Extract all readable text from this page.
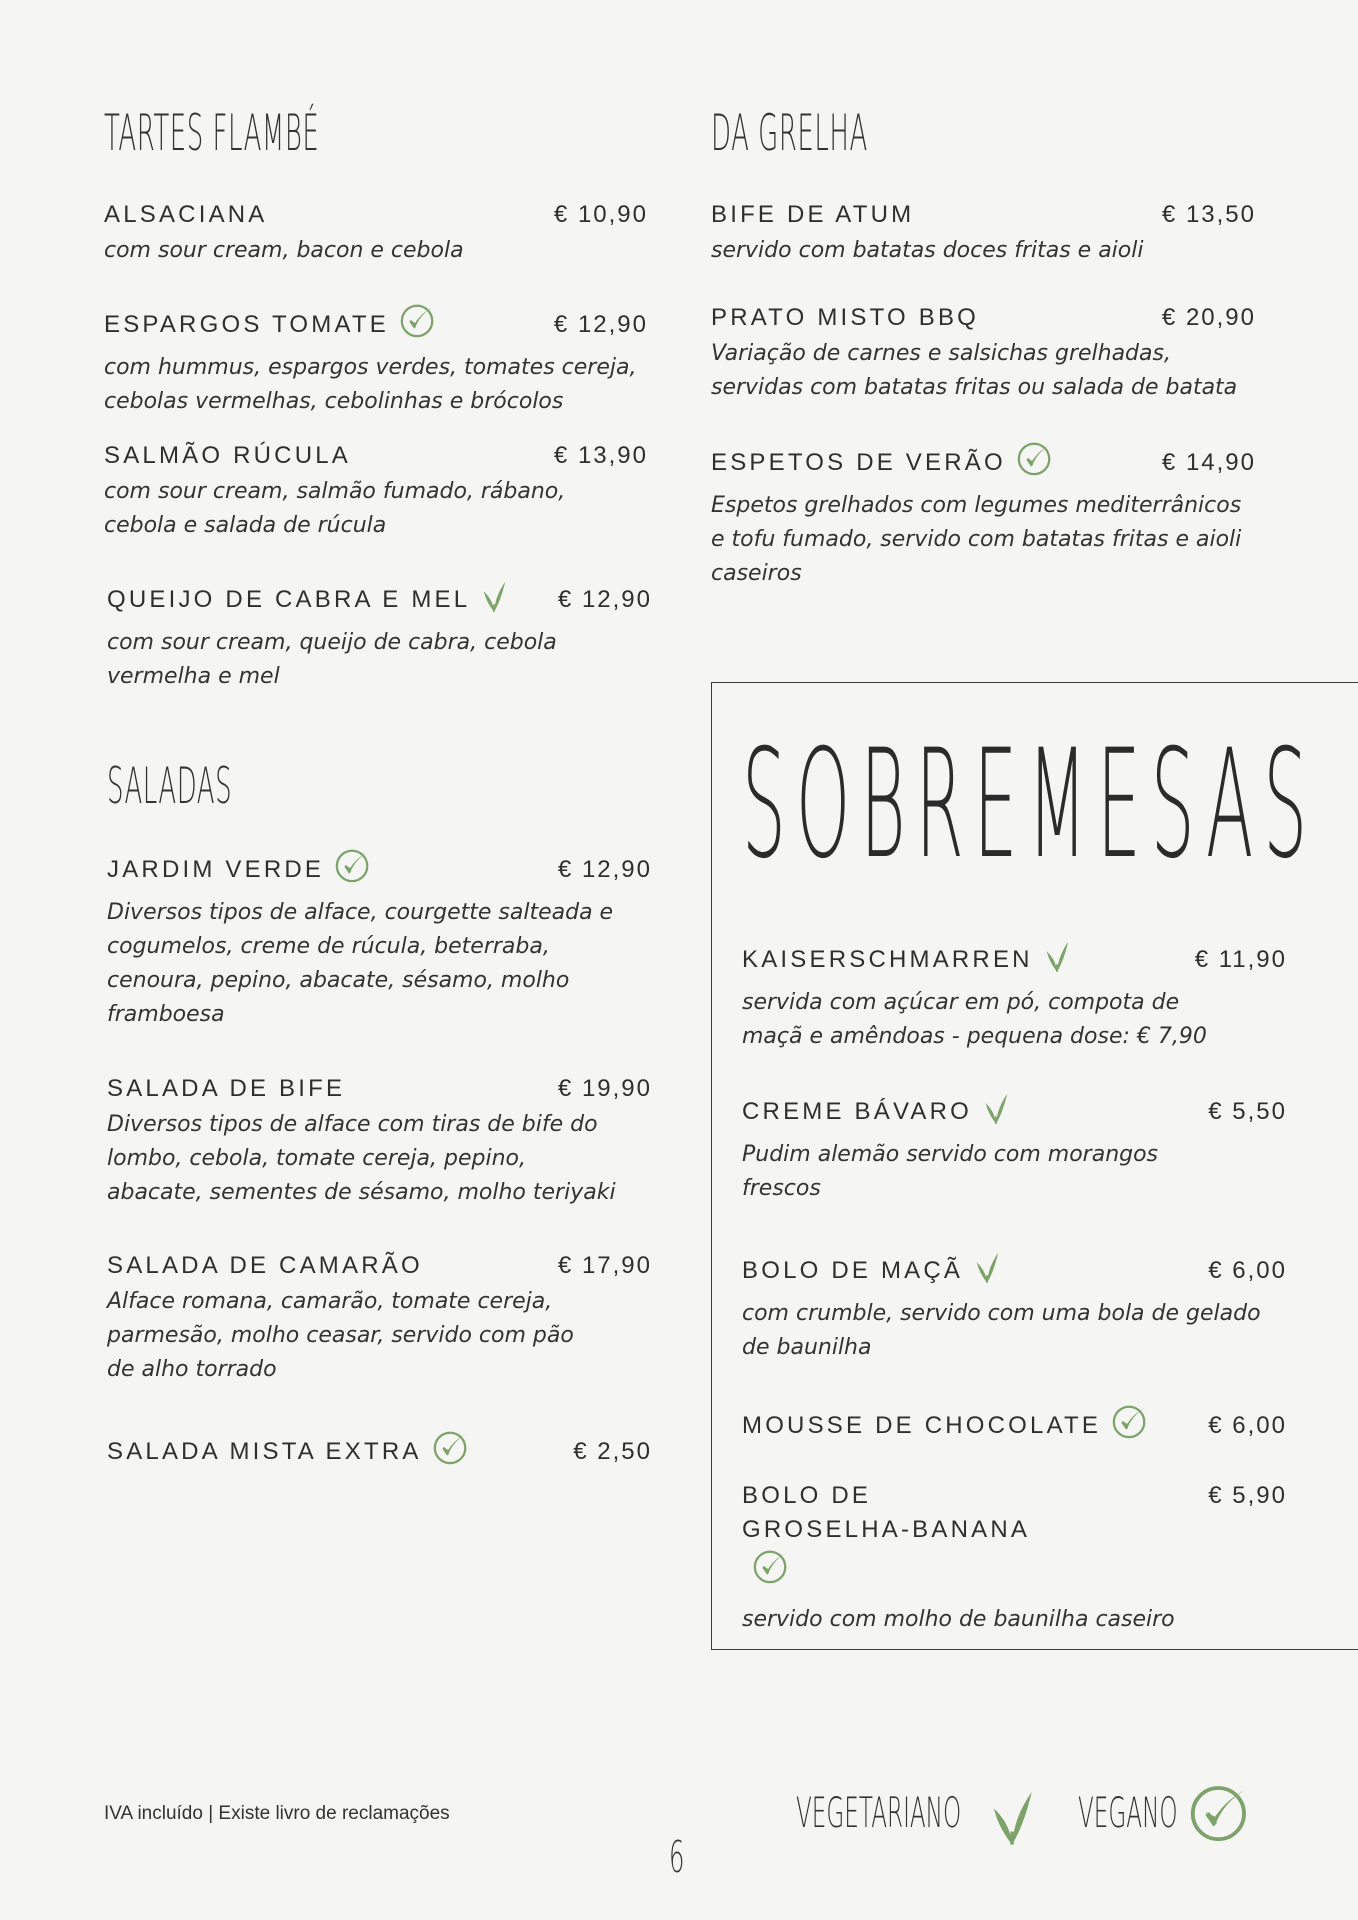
TARTES FLAMBÉ
ALSACIANA	€ 10,90
com sour cream, bacon e cebola
ESPARGOS TOMATE	€ 12,90
com hummus, espargos verdes, tomates cereja, cebolas vermelhas, cebolinhas e brócolos
SALMÃO RÚCULA	€ 13,90
com sour cream, salmão fumado, rábano, cebola e salada de rúcula
QUEIJO DE CABRA E MEL	€ 12,90
com sour cream, queijo de cabra, cebola vermelha e mel
DA GRELHA
BIFE DE ATUM	€ 13,50
servido com batatas doces fritas e aioli
PRATO MISTO BBQ	€ 20,90
Variação de carnes e salsichas grelhadas, servidas com batatas fritas ou salada de batata
ESPETOS DE VERÃO	€ 14,90
Espetos grelhados com legumes mediterrânicos e tofu fumado, servido com batatas fritas e aioli caseiros
SALADAS
JARDIM VERDE	€ 12,90
Diversos tipos de alface, courgette salteada e cogumelos, creme de rúcula, beterraba, cenoura, pepino, abacate, sésamo, molho framboesa
SALADA DE BIFE	€ 19,90
Diversos tipos de alface com tiras de bife do lombo, cebola, tomate cereja, pepino, abacate, sementes de sésamo, molho teriyaki
SALADA DE CAMARÃO	€ 17,90
Alface romana, camarão, tomate cereja, parmesão, molho ceasar, servido com pão de alho torrado
SALADA MISTA EXTRA	€ 2,50
SOBREMESAS
KAISERSCHMARREN	€ 11,90
servida com açúcar em pó, compota de maçã e amêndoas - pequena dose: € 7,90
CREME BÁVARO	€ 5,50
Pudim alemão servido com morangos frescos
BOLO DE MAÇÃ	€ 6,00
com crumble, servido com uma bola de gelado de baunilha
MOUSSE DE CHOCOLATE	€ 6,00
BOLO DE GROSELHA-BANANA
€ 5,90
servido com molho de baunilha caseiro
IVA incluído | Existe livro de reclamações	VEGETARIANO	VEGANO
6
